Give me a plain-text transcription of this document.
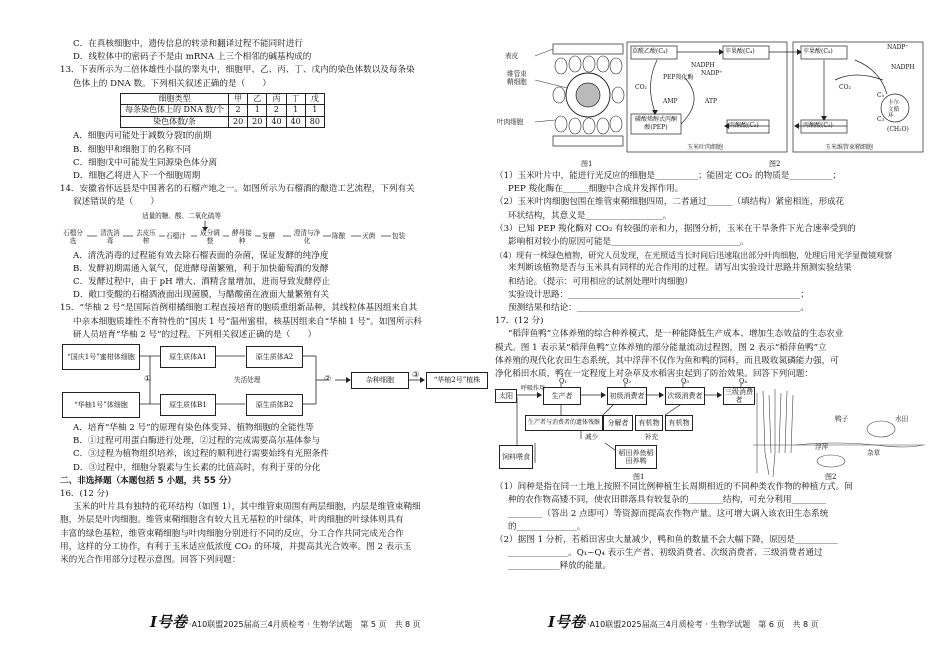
C．在真核细胞中，遗传信息的转录和翻译过程不能同时进行

D．线粒体中的密码子不是由 mRNA 上三个相邻的碱基构成的

13．下表所示为二倍体雄性小鼠的睾丸中，细胞甲、乙、丙、丁、戊内的染色体数以及每条染

色体上的 DNA 数。下列相关叙述正确的是（　　）

细胞类型	甲	乙	丙	丁	戊
每条染色体上的 DNA 数/个	2	1	2	1	1
染色体数/条	20	20	40	40	80

A．细胞丙可能处于减数分裂Ⅰ的前期

B．细胞甲和细胞丁的名称不同

C．细胞戊中可能发生同源染色体分离

D．细胞乙将进入下一个细胞周期

14．安徽省怀远县是中国著名的石榴产地之一。如图所示为石榴酒的酿造工艺流程，下列有关

叙述错误的是（　　）

适量的糖、酸、二氧化硫等
石榴分选
清洗消毒
去皮压榨
石榴汁	成分调整
酵母接种
发酵	澄清与净化
陈酿	灭菌	包装

A．清洗消毒的过程能有效去除石榴表面的杂菌，保证发酵的纯净度

B．发酵初期需通入氧气，促进酵母菌繁殖，利于加快葡萄酒的发酵

C．发酵过程中，由于 pH 增大、酒精含量增加，进而导致发酵停止

D．敞口变酸的石榴酒液面出现菌膜，与醋酸菌在液面大量繁殖有关

15．“华柚 2 号”是国际首例柑橘细胞工程直接培育的胞质重组新品种，其线粒体基因组来自其

中亲本细胞质雄性不育特性的“国庆 1 号”温州蜜柑，核基因组来自“华柚 1 号”。如图所示科

研人员培育“华柚 2 号”的过程。下列相关叙述正确的是（　　）

“国庆1号”蜜柑体细胞	原生质体A1	原生质体A2
“华柚1号”体细胞	原生质体B1	原生质体B2
杂种细胞	“华柚2号”植株
失活处理
①	②	③

A．培育“华柚 2 号”的原理有染色体变异、植物细胞的全能性等

B．①过程可用蛋白酶进行处理，②过程的完成需要高尔基体参与

C．③过程为植物组织培养，该过程的顺利进行需要始终有光照条件

D．③过程中，细胞分裂素与生长素的比值高时，有利于芽的分化

二、非选择题（本题包括 5 小题，共 55 分）

16．(12 分)

玉米的叶片具有独特的花环结构（如图 1），其中维管束周围有两层细胞，内层是维管束鞘细

胞，外层是叶肉细胞。维管束鞘细胞含有较大且无基粒的叶绿体，叶肉细胞的叶绿体则具有

丰富的绿色基粒，维管束鞘细胞与叶肉细胞分别进行不同的反应，分工合作共同完成光合作

用，这样的分工协作，有利于玉米适应低浓度 CO₂ 的环境，并提高其光合效率。图 2 表示玉

米的光合作用部分过程示意图。回答下列问题：

I号卷 ·A10联盟2025届高三4月质检考 · 生物学试题　第 5 页　共 8 页
表皮
维管束鞘细胞
叶肉细胞
图1
草酰乙酸(C₄)	苹果酸(C₄)
NADPH
NADP⁺
PEP羧化酶
CO₂
AMP	ATP
磷酸烯醇式丙酮酸(PEP)	丙酮酸(C₃)
苹果酸(C₄)
NADP⁺
NADPH
CO₂
C₅
C₃
卡尔文循环
(CH₂O)
丙酮酸(C₃)
玉米叶肉细胞	玉米维管束鞘细胞
图2

（1）玉米叶片中，能进行光反应的细胞是__________；能固定 CO₂ 的物质是__________；

PEP 羧化酶在______细胞中合成并发挥作用。

（2）玉米叶肉细胞包围在维管束鞘细胞四周，二者通过______（填结构）紧密相连，形成花

环状结构，其意义是__________________。

（3）已知 PEP 羧化酶对 CO₂ 有较强的亲和力，据图分析，玉米在干旱条件下光合速率受到的

影响相对较小的原因可能是______________________________。

（4）现有一株绿色植物，研究人员发现，在光照适当长时间后迅速取出部分叶肉细胞，处理后用光学显微镜观察

来判断该植物是否与玉米具有同样的光合作用的过程。请写出实验设计思路并预测实验结果

和结论。（提示：可用相应的试剂处理叶肉细胞）

实验设计思路：______________________________________________________；

预测结果和结论：____________________________________________________。

17．(12 分)

“稻萍鱼鸭”立体养殖的综合种养模式，是一种能降低生产成本、增加生态效益的生态农业

模式。图 1 表示某“稻萍鱼鸭”立体养殖的部分能量流动过程图，图 2 表示“稻萍鱼鸭”立

体养殖的现代化农田生态系统，其中浮萍不仅作为鱼和鸭的饲料，而且吸收氮磷能力强，可

净化稻田水质，鸭在一定程度上对杂草及水稻害虫起到了防治效果。回答下列问题：

太阳	生产者	初级消费者	次级消费者
三级消费者
呼吸作用
Q₁	Q₂	Q₃	Q₄
生产者与消费者的遗体残骸	分解者	有机物	有机物
减少	补充
饲料喂食
稻田养鱼稻田养鸭
图1
鸭子	水田
浮萍
杂草
图2

（1）间种是指在同一土地上按照不同比例种植生长周期相近的不同种类农作物的种植方式。间

种的农作物高矮不同，使农田群落具有较复杂的________结构，可充分利用________

________（答出 2 点即可）等资源而提高农作物产量。这可增大调入该农田生态系统

的______________。

（2）据图 1 分析，若稻田害虫大量减少，鸭和鱼的数量不会大幅下降，原因是__________

______________。Q₁~Q₄ 表示生产者、初级消费者、次级消费者、三级消费者通过

____________释放的能量。

I号卷 ·A10联盟2025届高三4月质检考 · 生物学试题　第 6 页　共 8 页
